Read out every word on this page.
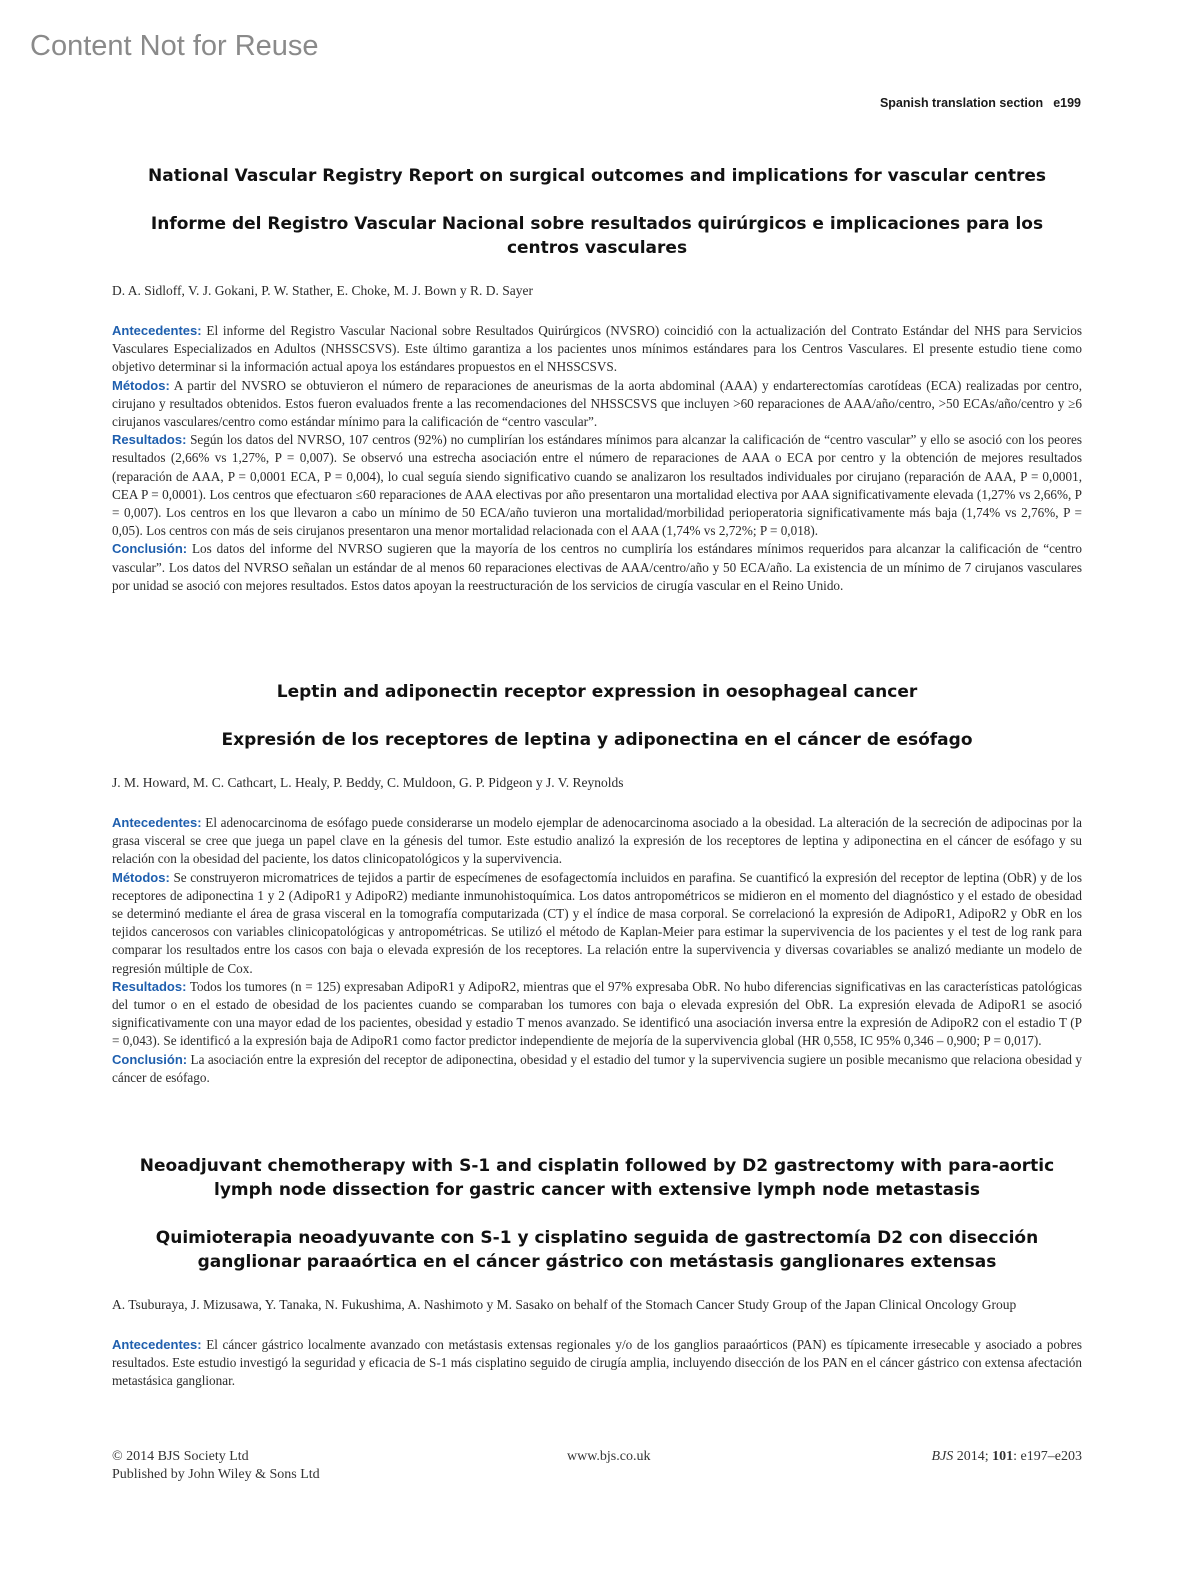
Content Not for Reuse
Spanish translation section e199
National Vascular Registry Report on surgical outcomes and implications for vascular centres
Informe del Registro Vascular Nacional sobre resultados quirúrgicos e implicaciones para los centros vasculares
D. A. Sidloff, V. J. Gokani, P. W. Stather, E. Choke, M. J. Bown y R. D. Sayer

Antecedentes: El informe del Registro Vascular Nacional sobre Resultados Quirúrgicos (NVSRO) coincidió con la actualización del Contrato Estándar del NHS para Servicios Vasculares Especializados en Adultos (NHSSCSVS). Este último garantiza a los pacientes unos mínimos estándares para los Centros Vasculares. El presente estudio tiene como objetivo determinar si la información actual apoya los estándares propuestos en el NHSSCSVS.

Métodos: A partir del NVSRO se obtuvieron el número de reparaciones de aneurismas de la aorta abdominal (AAA) y endarterectomías carotídeas (ECA) realizadas por centro, cirujano y resultados obtenidos. Estos fueron evaluados frente a las recomendaciones del NHSSCSVS que incluyen >60 reparaciones de AAA/año/centro, >50 ECAs/año/centro y ≥6 cirujanos vasculares/centro como estándar mínimo para la calificación de “centro vascular”.

Resultados: Según los datos del NVRSO, 107 centros (92%) no cumplirían los estándares mínimos para alcanzar la calificación de “centro vascular” y ello se asoció con los peores resultados (2,66% vs 1,27%, P = 0,007). Se observó una estrecha asociación entre el número de reparaciones de AAA o ECA por centro y la obtención de mejores resultados (reparación de AAA, P = 0,0001 ECA, P = 0,004), lo cual seguía siendo significativo cuando se analizaron los resultados individuales por cirujano (reparación de AAA, P = 0,0001, CEA P = 0,0001). Los centros que efectuaron ≤60 reparaciones de AAA electivas por año presentaron una mortalidad electiva por AAA significativamente elevada (1,27% vs 2,66%, P = 0,007). Los centros en los que llevaron a cabo un mínimo de 50 ECA/año tuvieron una mortalidad/morbilidad perioperatoria significativamente más baja (1,74% vs 2,76%, P = 0,05). Los centros con más de seis cirujanos presentaron una menor mortalidad relacionada con el AAA (1,74% vs 2,72%; P = 0,018).

Conclusión: Los datos del informe del NVRSO sugieren que la mayoría de los centros no cumpliría los estándares mínimos requeridos para alcanzar la calificación de “centro vascular”. Los datos del NVRSO señalan un estándar de al menos 60 reparaciones electivas de AAA/centro/año y 50 ECA/año. La existencia de un mínimo de 7 cirujanos vasculares por unidad se asoció con mejores resultados. Estos datos apoyan la reestructuración de los servicios de cirugía vascular en el Reino Unido.

Leptin and adiponectin receptor expression in oesophageal cancer
Expresión de los receptores de leptina y adiponectina en el cáncer de esófago
J. M. Howard, M. C. Cathcart, L. Healy, P. Beddy, C. Muldoon, G. P. Pidgeon y J. V. Reynolds

Antecedentes: El adenocarcinoma de esófago puede considerarse un modelo ejemplar de adenocarcinoma asociado a la obesidad. La alteración de la secreción de adipocinas por la grasa visceral se cree que juega un papel clave en la génesis del tumor. Este estudio analizó la expresión de los receptores de leptina y adiponectina en el cáncer de esófago y su relación con la obesidad del paciente, los datos clinicopatológicos y la supervivencia.

Métodos: Se construyeron micromatrices de tejidos a partir de especímenes de esofagectomía incluidos en parafina. Se cuantificó la expresión del receptor de leptina (ObR) y de los receptores de adiponectina 1 y 2 (AdipoR1 y AdipoR2) mediante inmunohistoquímica. Los datos antropométricos se midieron en el momento del diagnóstico y el estado de obesidad se determinó mediante el área de grasa visceral en la tomografía computarizada (CT) y el índice de masa corporal. Se correlacionó la expresión de AdipoR1, AdipoR2 y ObR en los tejidos cancerosos con variables clinicopatológicas y antropométricas. Se utilizó el método de Kaplan-Meier para estimar la supervivencia de los pacientes y el test de log rank para comparar los resultados entre los casos con baja o elevada expresión de los receptores. La relación entre la supervivencia y diversas covariables se analizó mediante un modelo de regresión múltiple de Cox.

Resultados: Todos los tumores (n = 125) expresaban AdipoR1 y AdipoR2, mientras que el 97% expresaba ObR. No hubo diferencias significativas en las características patológicas del tumor o en el estado de obesidad de los pacientes cuando se comparaban los tumores con baja o elevada expresión del ObR. La expresión elevada de AdipoR1 se asoció significativamente con una mayor edad de los pacientes, obesidad y estadio T menos avanzado. Se identificó una asociación inversa entre la expresión de AdipoR2 con el estadio T (P = 0,043). Se identificó a la expresión baja de AdipoR1 como factor predictor independiente de mejoría de la supervivencia global (HR 0,558, IC 95% 0,346 – 0,900; P = 0,017).

Conclusión: La asociación entre la expresión del receptor de adiponectina, obesidad y el estadio del tumor y la supervivencia sugiere un posible mecanismo que relaciona obesidad y cáncer de esófago.

Neoadjuvant chemotherapy with S-1 and cisplatin followed by D2 gastrectomy with para-aortic lymph node dissection for gastric cancer with extensive lymph node metastasis
Quimioterapia neoadyuvante con S-1 y cisplatino seguida de gastrectomía D2 con disección ganglionar paraaórtica en el cáncer gástrico con metástasis ganglionares extensas
A. Tsuburaya, J. Mizusawa, Y. Tanaka, N. Fukushima, A. Nashimoto y M. Sasako on behalf of the Stomach Cancer Study Group of the Japan Clinical Oncology Group

Antecedentes: El cáncer gástrico localmente avanzado con metástasis extensas regionales y/o de los ganglios paraaórticos (PAN) es típicamente irresecable y asociado a pobres resultados. Este estudio investigó la seguridad y eficacia de S-1 más cisplatino seguido de cirugía amplia, incluyendo disección de los PAN en el cáncer gástrico con extensa afectación metastásica ganglionar.

© 2014 BJS Society Ltd
Published by John Wiley & Sons Ltd
www.bjs.co.uk	BJS 2014; 101: e197–e203
